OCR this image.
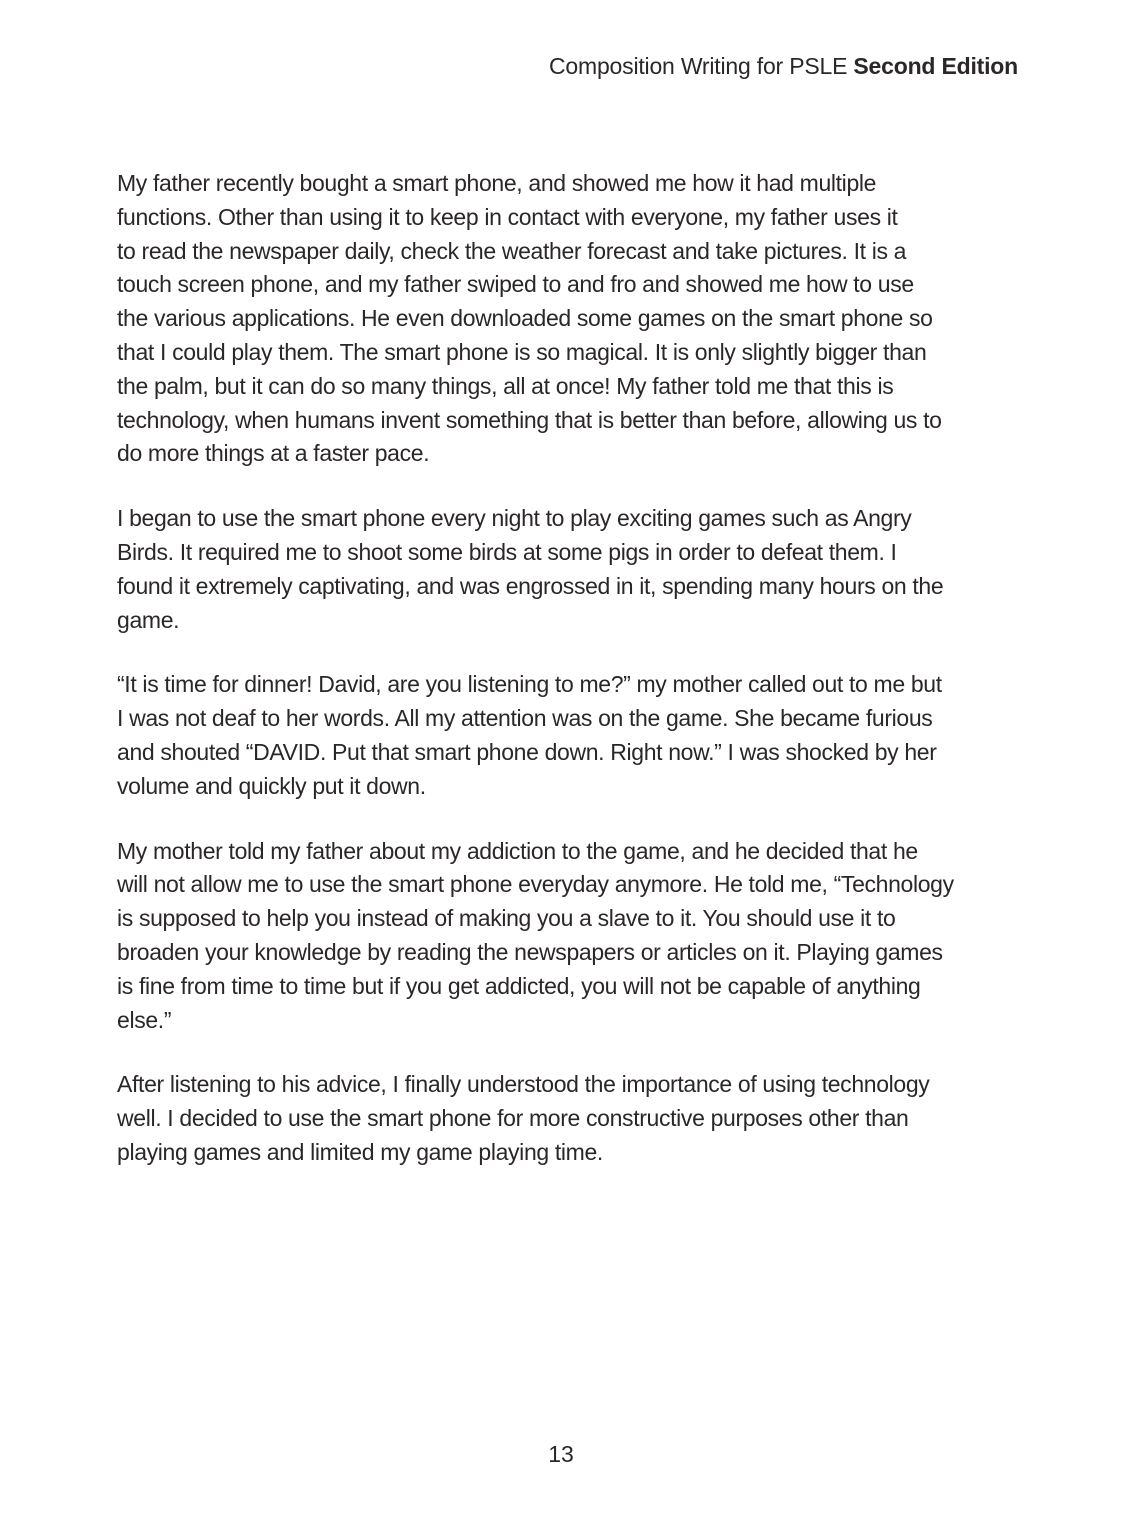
Composition Writing for PSLE Second Edition

My father recently bought a smart phone, and showed me how it had multiple
functions. Other than using it to keep in contact with everyone, my father uses it
to read the newspaper daily, check the weather forecast and take pictures. It is a
touch screen phone, and my father swiped to and fro and showed me how to use
the various applications. He even downloaded some games on the smart phone so
that I could play them. The smart phone is so magical. It is only slightly bigger than
the palm, but it can do so many things, all at once! My father told me that this is
technology, when humans invent something that is better than before, allowing us to
do more things at a faster pace.

I began to use the smart phone every night to play exciting games such as Angry
Birds. It required me to shoot some birds at some pigs in order to defeat them. I
found it extremely captivating, and was engrossed in it, spending many hours on the
game.

“It is time for dinner! David, are you listening to me?” my mother called out to me but
I was not deaf to her words. All my attention was on the game. She became furious
and shouted “DAVID. Put that smart phone down. Right now.” I was shocked by her
volume and quickly put it down.

My mother told my father about my addiction to the game, and he decided that he
will not allow me to use the smart phone everyday anymore. He told me, “Technology
is supposed to help you instead of making you a slave to it. You should use it to
broaden your knowledge by reading the newspapers or articles on it. Playing games
is fine from time to time but if you get addicted, you will not be capable of anything
else.”

After listening to his advice, I finally understood the importance of using technology
well. I decided to use the smart phone for more constructive purposes other than
playing games and limited my game playing time.

13
